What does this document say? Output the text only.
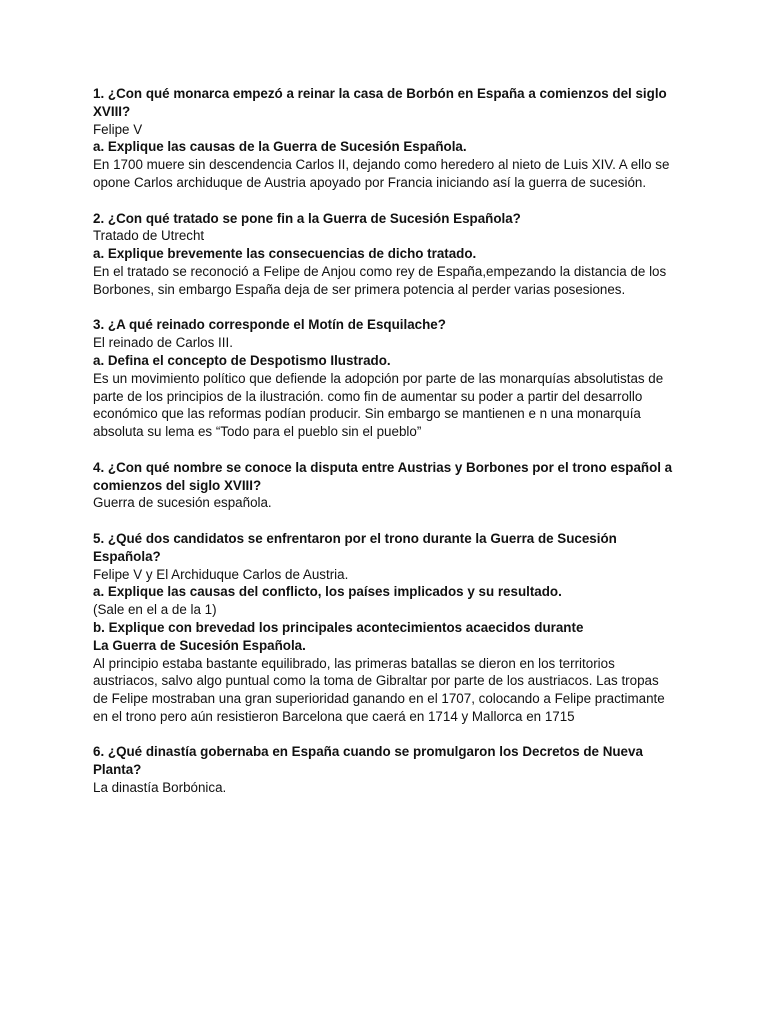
1. ¿Con qué monarca empezó a reinar la casa de Borbón en España a comienzos del siglo XVIII?

Felipe V

a. Explique las causas de la Guerra de Sucesión Española.

En 1700 muere sin descendencia Carlos II, dejando como heredero al nieto de Luis XIV. A ello se opone Carlos archiduque de Austria apoyado por Francia iniciando así la guerra de sucesión.

2. ¿Con qué tratado se pone fin a la Guerra de Sucesión Española?

Tratado de Utrecht

a. Explique brevemente las consecuencias de dicho tratado.

En el tratado se reconoció a Felipe de Anjou como rey de España,empezando la distancia de los Borbones, sin embargo España deja de ser primera potencia al perder varias posesiones.

3. ¿A qué reinado corresponde el Motín de Esquilache?

El reinado de Carlos III.

a. Defina el concepto de Despotismo Ilustrado.

Es un movimiento político que defiende la adopción por parte de las monarquías absolutistas de parte de los principios de la ilustración. como fin de aumentar su poder a partir del desarrollo económico que las reformas podían producir. Sin embargo se mantienen e n una monarquía absoluta su lema es “Todo para el pueblo sin el pueblo”

4. ¿Con qué nombre se conoce la disputa entre Austrias y Borbones por el trono español a comienzos del siglo XVIII?

Guerra de sucesión española.

5. ¿Qué dos candidatos se enfrentaron por el trono durante la Guerra de Sucesión Española?

Felipe V y El Archiduque Carlos de Austria.

a. Explique las causas del conflicto, los países implicados y su resultado.

(Sale en el a de la 1)

b. Explique con brevedad los principales acontecimientos acaecidos durante

La Guerra de Sucesión Española.

Al principio estaba bastante equilibrado, las primeras batallas se dieron en los territorios austriacos, salvo algo puntual como la toma de Gibraltar por parte de los austriacos. Las tropas de Felipe mostraban una gran superioridad ganando en el 1707, colocando a Felipe practimante en el trono pero aún resistieron Barcelona que caerá en 1714 y Mallorca en 1715

6. ¿Qué dinastía gobernaba en España cuando se promulgaron los Decretos de Nueva Planta?

La dinastía Borbónica.
